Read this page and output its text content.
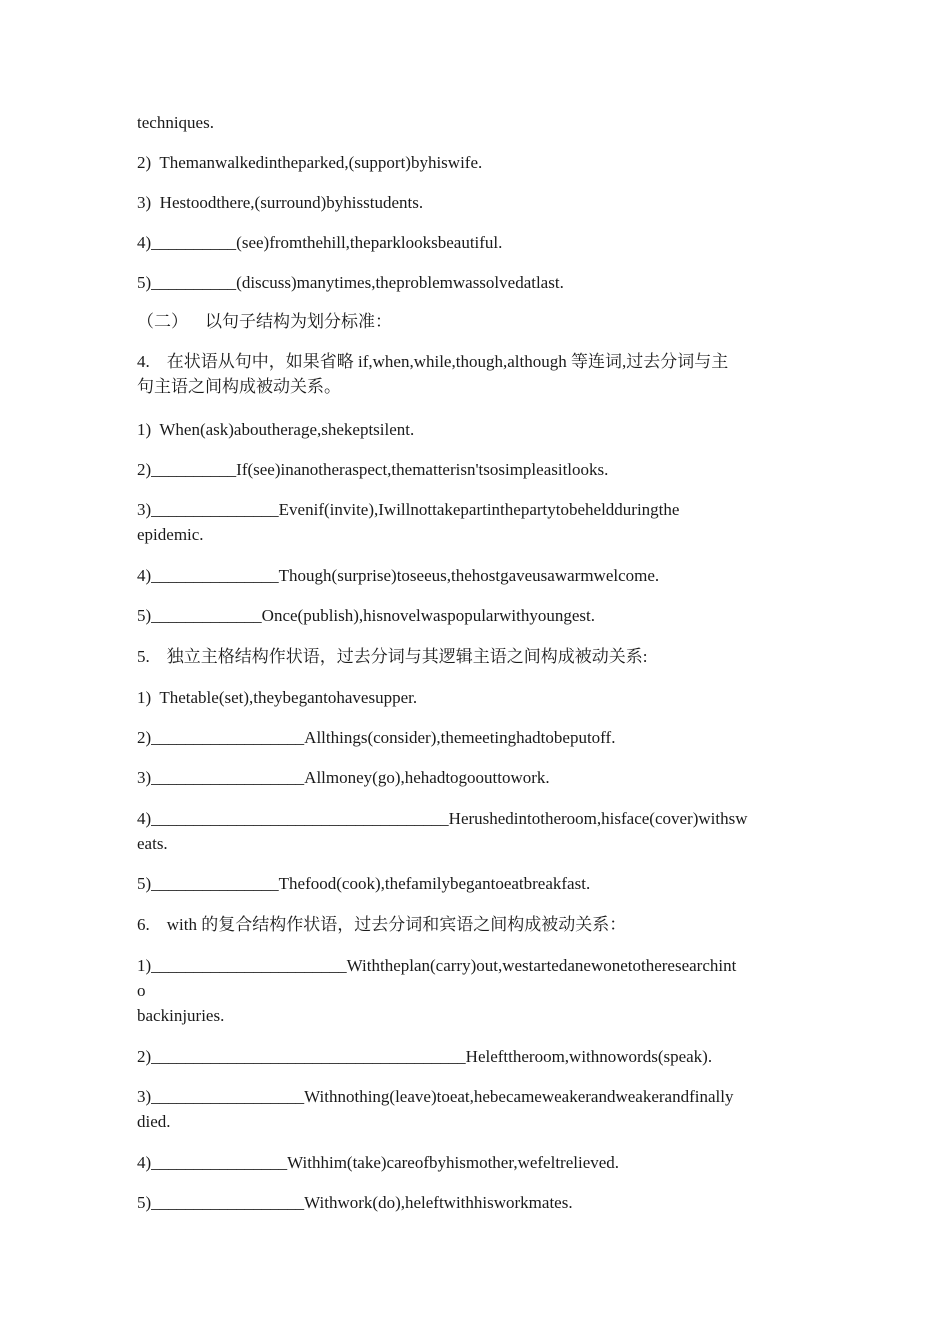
techniques.
2)  Themanwalkedintheparked,(support)byhiswife.
3)  Hestoodthere,(surround)byhisstudents.
4)__________(see)fromthehill,theparklooksbeautiful.
5)__________(discuss)manytimes,theproblemwassolvedatlast.
（二）    以句子结构为划分标准：
4.    在状语从句中，如果省略 if,when,while,though,although 等连词,过去分词与主
句主语之间构成被动关系。
1)  When(ask)aboutherage,shekeptsilent.
2)__________If(see)inanotheraspect,thematterisn'tsosimpleasitlooks.
3)_______________Evenif(invite),Iwillnottakepartinthepartytobeheldduringthe
epidemic.
4)_______________Though(surprise)toseeus,thehostgaveusawarmwelcome.
5)_____________Once(publish),hisnovelwaspopularwithyoungest.
5.    独立主格结构作状语，过去分词与其逻辑主语之间构成被动关系:
1)  Thetable(set),theybegantohavesupper.
2)__________________Allthings(consider),themeetinghadtobeputoff.
3)__________________Allmoney(go),hehadtogoouttowork.
4)___________________________________Herushedintotheroom,hisface(cover)withsw
eats.
5)_______________Thefood(cook),thefamilybegantoeatbreakfast.
6.    with 的复合结构作状语，过去分词和宾语之间构成被动关系：
1)_______________________Withtheplan(carry)out,westartedanewonetotheresearchint
o
backinjuries.
2)_____________________________________Helefttheroom,withnowords(speak).
3)__________________Withnothing(leave)toeat,hebecameweakerandweakerandfinally
died.
4)________________Withhim(take)careofbyhismother,wefeltrelieved.
5)__________________Withwork(do),heleftwithhisworkmates.
